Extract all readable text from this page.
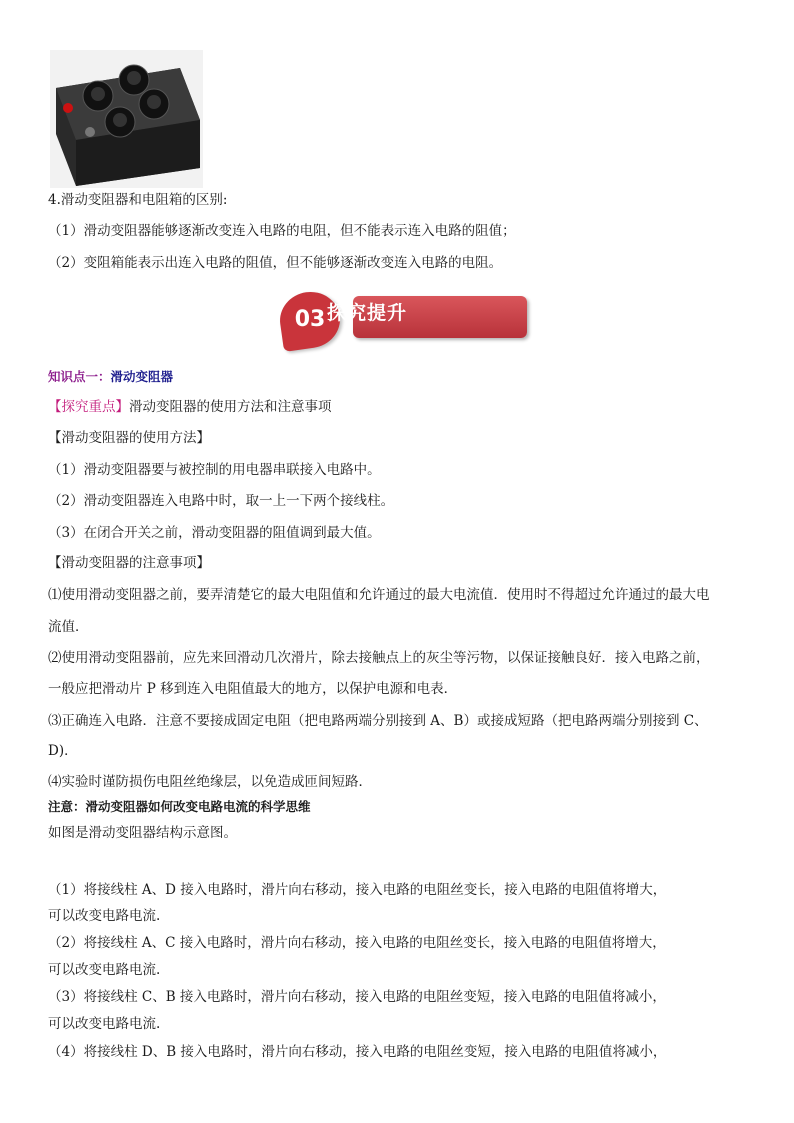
4.滑动变阻器和电阻箱的区别:
（1）滑动变阻器能够逐渐改变连入电路的电阻，但不能表示连入电路的阻值；
（2）变阻箱能表示出连入电路的阻值，但不能够逐渐改变连入电路的电阻。
03 探究提升
知识点一：滑动变阻器
【探究重点】滑动变阻器的使用方法和注意事项
【滑动变阻器的使用方法】
（1）滑动变阻器要与被控制的用电器串联接入电路中。
（2）滑动变阻器连入电路中时，取一上一下两个接线柱。
（3）在闭合开关之前，滑动变阻器的阻值调到最大值。
【滑动变阻器的注意事项】
⑴使用滑动变阻器之前，要弄清楚它的最大电阻值和允许通过的最大电流值．使用时不得超过允许通过的最大电
流值．
⑵使用滑动变阻器前，应先来回滑动几次滑片，除去接触点上的灰尘等污物，以保证接触良好．接入电路之前，
一般应把滑动片 P 移到连入电阻值最大的地方，以保护电源和电表．
⑶正确连入电路．注意不要接成固定电阻（把电路两端分别接到 A、B）或接成短路（把电路两端分别接到 C、
D)．
⑷实验时谨防损伤电阻丝绝缘层，以免造成匝间短路．
注意：滑动变阻器如何改变电路电流的科学思维
如图是滑动变阻器结构示意图。
（1）将接线柱 A、D 接入电路时，滑片向右移动，接入电路的电阻丝变长，接入电路的电阻值将增大，
可以改变电路电流.
（2）将接线柱 A、C 接入电路时，滑片向右移动，接入电路的电阻丝变长，接入电路的电阻值将增大，
可以改变电路电流.
（3）将接线柱 C、B 接入电路时，滑片向右移动，接入电路的电阻丝变短，接入电路的电阻值将减小，
可以改变电路电流.
（4）将接线柱 D、B 接入电路时，滑片向右移动，接入电路的电阻丝变短，接入电路的电阻值将减小，
